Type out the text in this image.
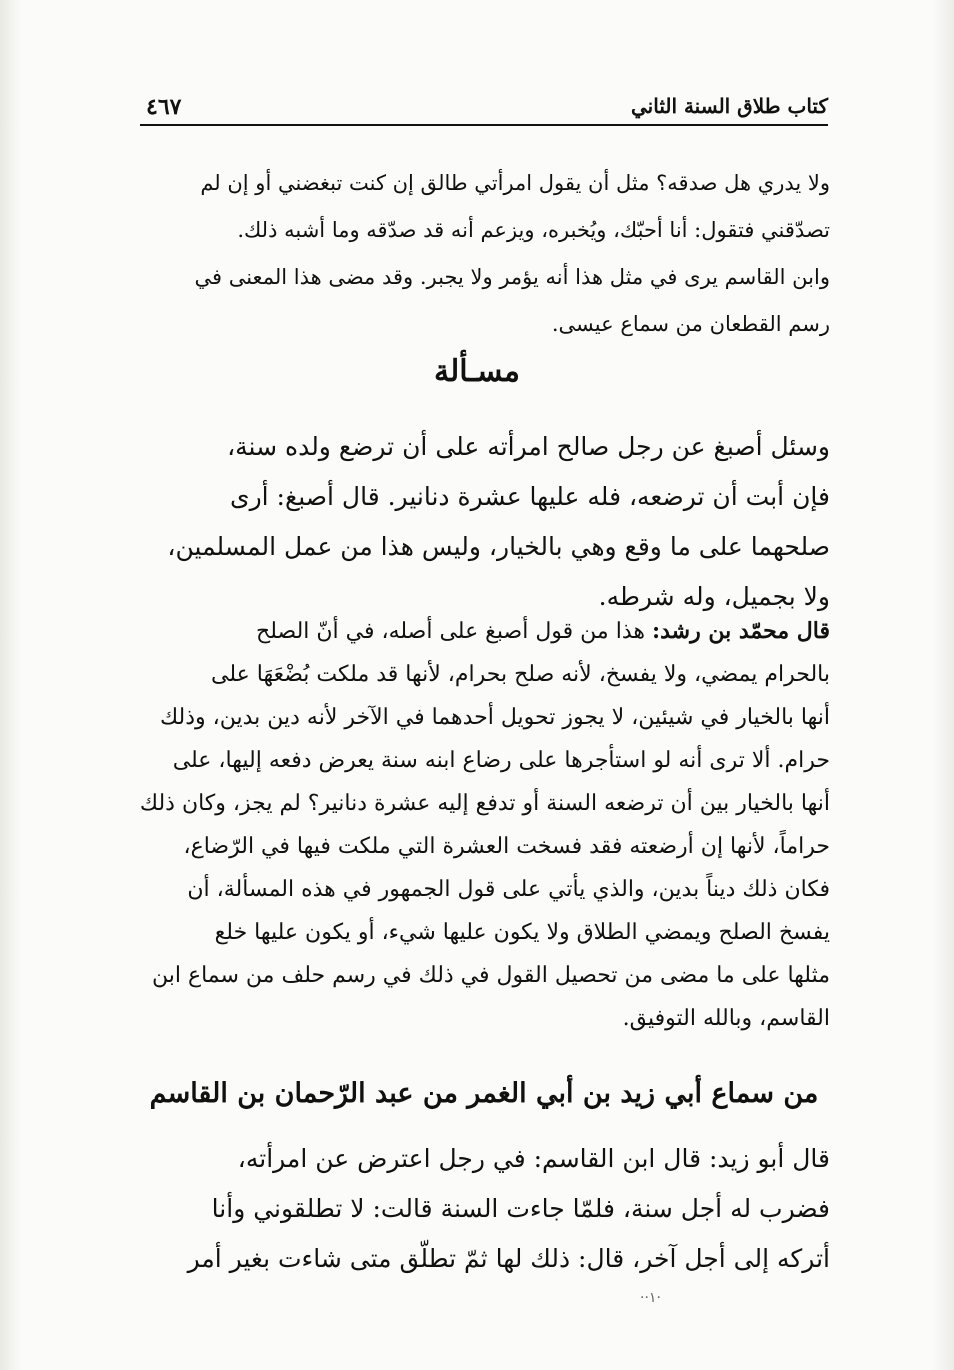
كتاب طلاق السنة الثاني
٤٦٧
ولا يدري هل صدقه؟ مثل أن يقول امرأتي طالق إن كنت تبغضني أو إن لم
تصدّقني فتقول: أنا أحبّك، ويُخبره، ويزعم أنه قد صدّقه وما أشبه ذلك.
وابن القاسم يرى في مثل هذا أنه يؤمر ولا يجبر. وقد مضى هذا المعنى في
رسم القطعان من سماع عيسى.
مسـألة
وسئل أصبغ عن رجل صالح امرأته على أن ترضع ولده سنة،
فإن أبت أن ترضعه، فله عليها عشرة دنانير. قال أصبغ: أرى
صلحهما على ما وقع وهي بالخيار، وليس هذا من عمل المسلمين،
ولا بجميل، وله شرطه.
قال محمّد بن رشد: هذا من قول أصبغ على أصله، في أنّ الصلح
بالحرام يمضي، ولا يفسخ، لأنه صلح بحرام، لأنها قد ملكت بُضْعَهَا على
أنها بالخيار في شيئين، لا يجوز تحويل أحدهما في الآخر لأنه دين بدين، وذلك
حرام. ألا ترى أنه لو استأجرها على رضاع ابنه سنة يعرض دفعه إليها، على
أنها بالخيار بين أن ترضعه السنة أو تدفع إليه عشرة دنانير؟ لم يجز، وكان ذلك
حراماً، لأنها إن أرضعته فقد فسخت العشرة التي ملكت فيها في الرّضاع،
فكان ذلك ديناً بدين، والذي يأتي على قول الجمهور في هذه المسألة، أن
يفسخ الصلح ويمضي الطلاق ولا يكون عليها شيء، أو يكون عليها خلع
مثلها على ما مضى من تحصيل القول في ذلك في رسم حلف من سماع ابن
القاسم، وبالله التوفيق.
من سماع أبي زيد بن أبي الغمر من عبد الرّحمان بن القاسم
قال أبو زيد: قال ابن القاسم: في رجل اعترض عن امرأته،
فضرب له أجل سنة، فلمّا جاءت السنة قالت: لا تطلقوني وأنا
أتركه إلى أجل آخر، قال: ذلك لها ثمّ تطلّق متى شاءت بغير أمر
··١·
